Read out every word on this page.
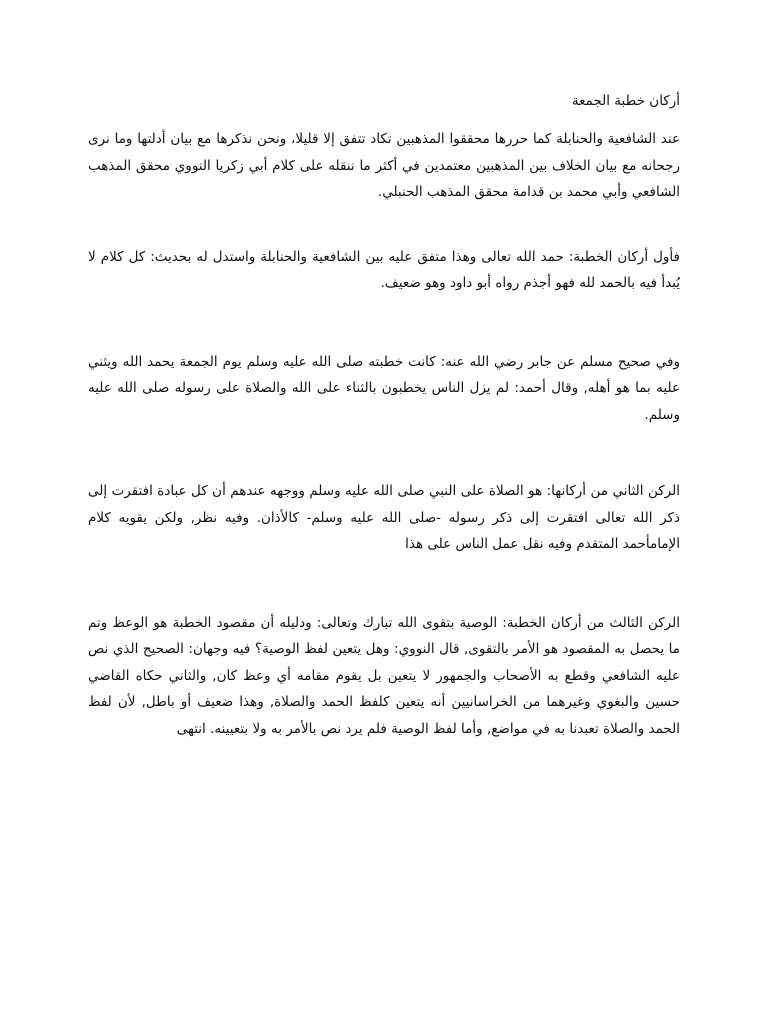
أركان خطبة الجمعة

عند الشافعية والحنابلة كما حررها محققوا المذهبين تكاد تتفق إلا قليلا، ونحن نذكرها مع بيان أدلتها وما نرى رجحانه مع بيان الخلاف بين المذهبين معتمدين في أكثر ما ننقله على كلام أبي زكريا النووي محقق المذهب الشافعي وأبي محمد بن قدامة محقق المذهب الحنبلي.

فأول أركان الخطبة: حمد الله تعالى وهذا متفق عليه بين الشافعية والحنابلة واستدل له بحديث: كل كلام لا يُبدأ فيه بالحمد لله فهو أجذم رواه أبو داود وهو ضعيف.

وفي صحيح مسلم عن جابر رضي الله عنه: كانت خطبته صلى الله عليه وسلم يوم الجمعة يحمد الله ويثني عليه بما هو أهله, وقال أحمد: لم يزل الناس يخطبون بالثناء على الله والصلاة على رسوله صلى الله عليه وسلم.

الركن الثاني من أركانها: هو الصلاة على النبي صلى الله عليه وسلم ووجهه عندهم أن كل عبادة افتقرت إلى ذكر الله تعالى افتقرت إلى ذكر رسوله -صلى الله عليه وسلم- كالأذان. وفيه نظر, ولكن يقويه كلام الإمامأحمد المتقدم وفيه نقل عمل الناس على هذا

الركن الثالث من أركان الخطبة: الوصية بتقوى الله تبارك وتعالى: ودليله أن مقصود الخطبة هو الوعظ وتم ما يحصل به المقصود هو الأمر بالتقوى, قال النووي: وهل يتعين لفظ الوصية؟ فيه وجهان: الصحيح الذي نص عليه الشافعي وقطع به الأصحاب والجمهور لا يتعين بل يقوم مقامه أي وعظ كان, والثاني حكاه القاضي حسين والبغوي وغيرهما من الخراسانيين أنه يتعين كلفظ الحمد والصلاة, وهذا ضعيف أو باطل, لأن لفظ الحمد والصلاة تعبدنا به في مواضع, وأما لفظ الوصية فلم يرد نص بالأمر به ولا بتعيينه. انتهى
